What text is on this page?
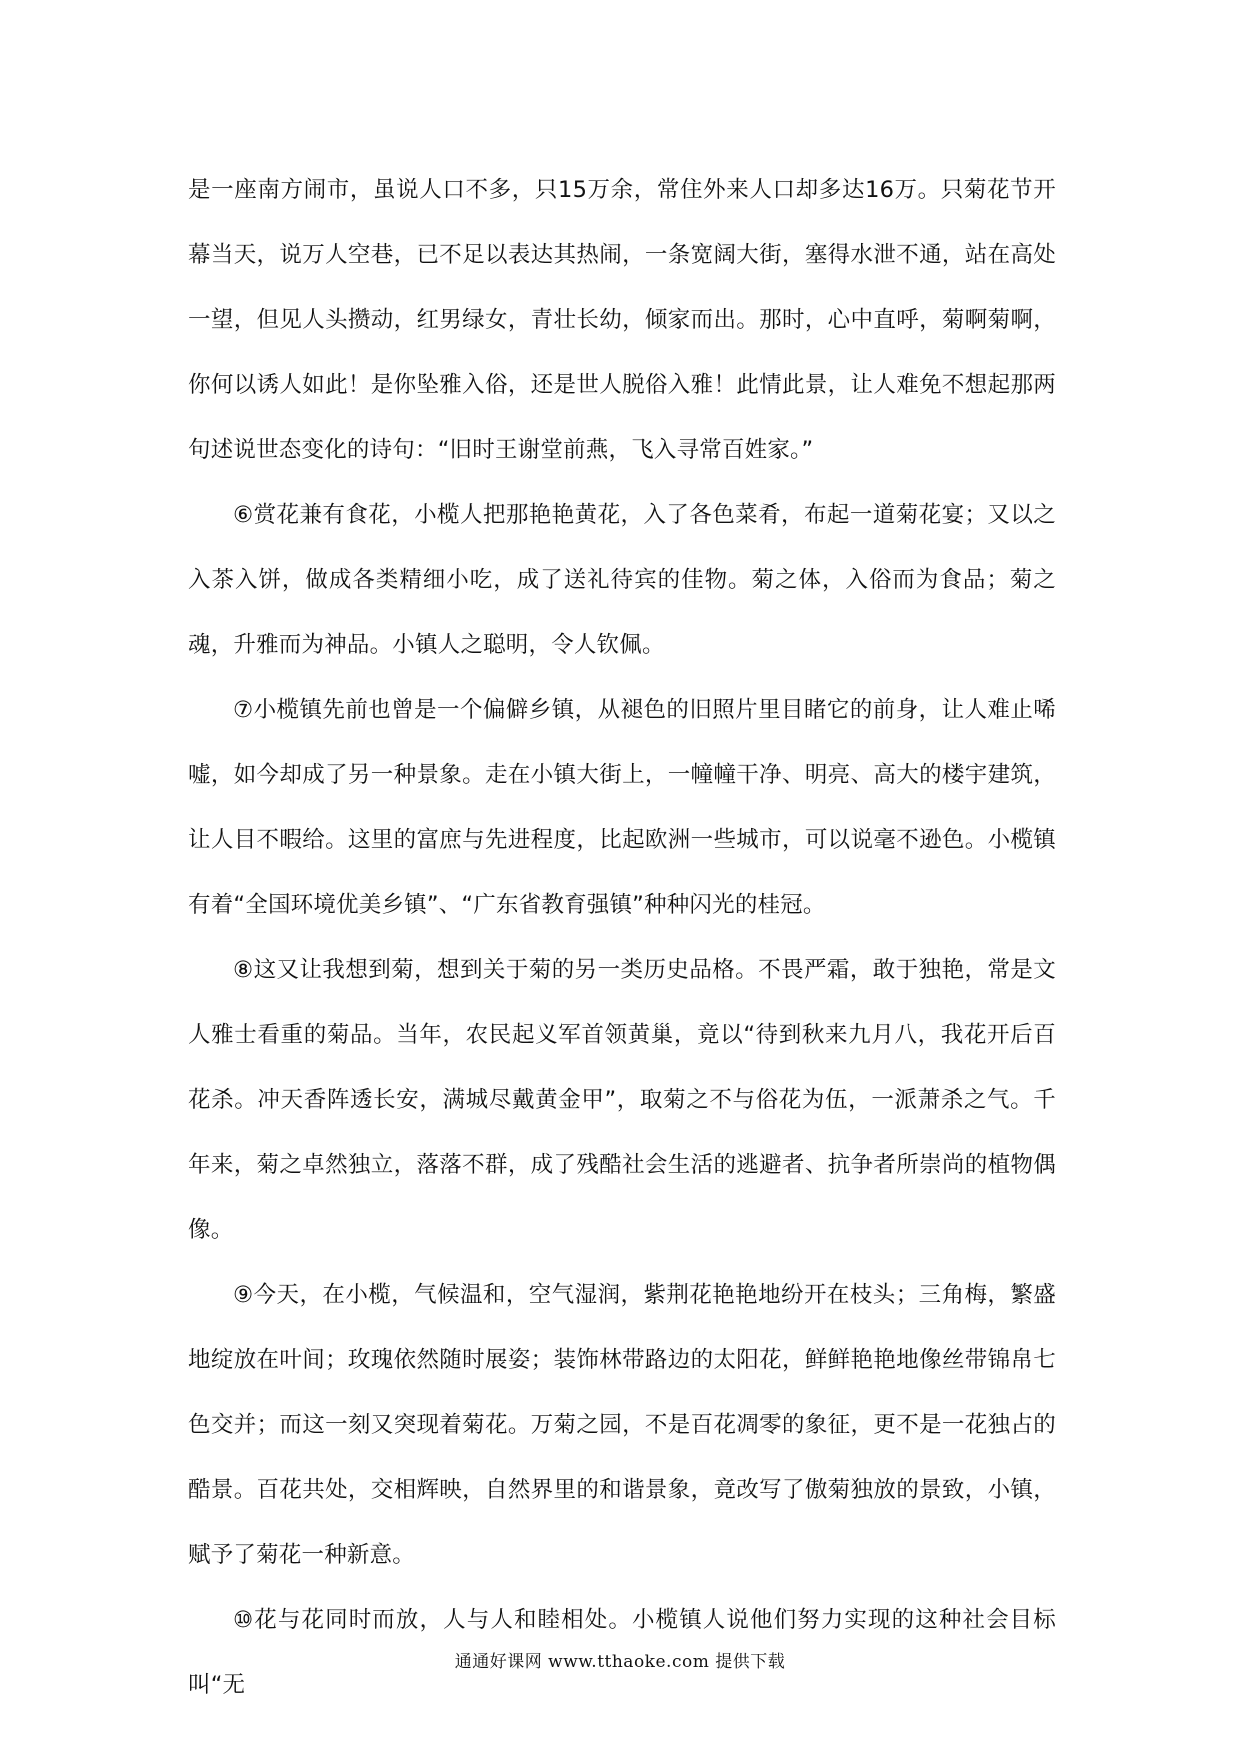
是一座南方闹市，虽说人口不多，只15万余，常住外来人口却多达16万。只菊花节开幕当天，说万人空巷，已不足以表达其热闹，一条宽阔大街，塞得水泄不通，站在高处一望，但见人头攒动，红男绿女，青壮长幼，倾家而出。那时，心中直呼，菊啊菊啊，你何以诱人如此！是你坠雅入俗，还是世人脱俗入雅！此情此景，让人难免不想起那两句述说世态变化的诗句：“旧时王谢堂前燕，飞入寻常百姓家。”

⑥赏花兼有食花，小榄人把那艳艳黄花，入了各色菜肴，布起一道菊花宴；又以之入茶入饼，做成各类精细小吃，成了送礼待宾的佳物。菊之体，入俗而为食品；菊之魂，升雅而为神品。小镇人之聪明，令人钦佩。

⑦小榄镇先前也曾是一个偏僻乡镇，从褪色的旧照片里目睹它的前身，让人难止唏嘘，如今却成了另一种景象。走在小镇大街上，一幢幢干净、明亮、高大的楼宇建筑，让人目不暇给。这里的富庶与先进程度，比起欧洲一些城市，可以说毫不逊色。小榄镇有着“全国环境优美乡镇”、“广东省教育强镇”种种闪光的桂冠。

⑧这又让我想到菊，想到关于菊的另一类历史品格。不畏严霜，敢于独艳，常是文人雅士看重的菊品。当年，农民起义军首领黄巢，竟以“待到秋来九月八，我花开后百花杀。冲天香阵透长安，满城尽戴黄金甲”，取菊之不与俗花为伍，一派萧杀之气。千年来，菊之卓然独立，落落不群，成了残酷社会生活的逃避者、抗争者所崇尚的植物偶像。

⑨今天，在小榄，气候温和，空气湿润，紫荆花艳艳地纷开在枝头；三角梅，繁盛地绽放在叶间；玫瑰依然随时展姿；装饰林带路边的太阳花，鲜鲜艳艳地像丝带锦帛七色交并；而这一刻又突现着菊花。万菊之园，不是百花凋零的象征，更不是一花独占的酷景。百花共处，交相辉映，自然界里的和谐景象，竟改写了傲菊独放的景致，小镇，赋予了菊花一种新意。

⑩花与花同时而放，人与人和睦相处。小榄镇人说他们努力实现的这种社会目标叫“无

通通好课网 www.tthaoke.com 提供下载
